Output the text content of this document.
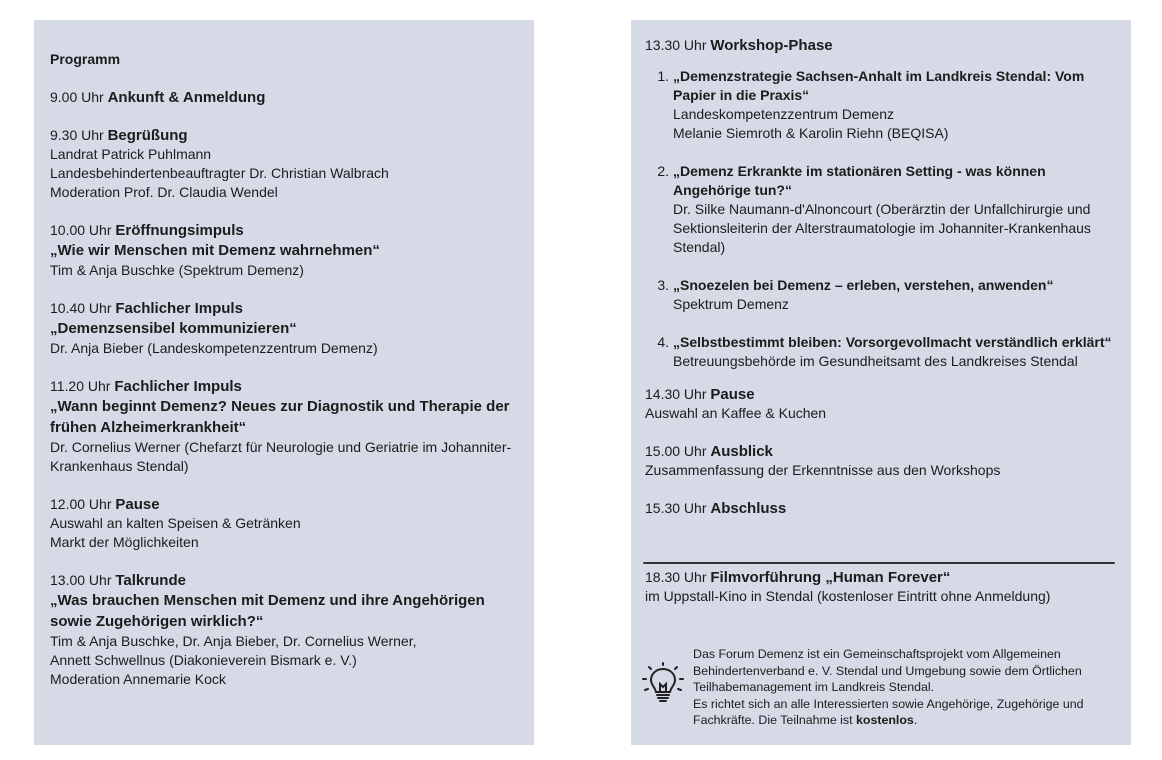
Programm
9.00 Uhr Ankunft & Anmeldung
9.30 Uhr Begrüßung
Landrat Patrick Puhlmann
Landesbehindertenbeauftragter Dr. Christian Walbrach
Moderation Prof. Dr. Claudia Wendel
10.00 Uhr Eröffnungsimpuls
„Wie wir Menschen mit Demenz wahrnehmen“
Tim & Anja Buschke (Spektrum Demenz)
10.40 Uhr Fachlicher Impuls
„Demenzsensibel kommunizieren“
Dr. Anja Bieber (Landeskompetenzzentrum Demenz)
11.20 Uhr Fachlicher Impuls
„Wann beginnt Demenz? Neues zur Diagnostik und Therapie der frühen Alzheimerkrankheit“
Dr. Cornelius Werner (Chefarzt für Neurologie und Geriatrie im Johanniter-Krankenhaus Stendal)
12.00 Uhr Pause
Auswahl an kalten Speisen & Getränken
Markt der Möglichkeiten
13.00 Uhr Talkrunde
„Was brauchen Menschen mit Demenz und ihre Angehörigen sowie Zugehörigen wirklich?“
Tim & Anja Buschke, Dr. Anja Bieber, Dr. Cornelius Werner,
Annett Schwellnus (Diakonieverein Bismark e. V.)
Moderation Annemarie Kock
13.30 Uhr Workshop-Phase
1. „Demenzstrategie Sachsen-Anhalt im Landkreis Stendal: Vom Papier in die Praxis“
Landeskompetenzzentrum Demenz
Melanie Siemroth & Karolin Riehn (BEQISA)
2. „Demenz Erkrankte im stationären Setting - was können Angehörige tun?“
Dr. Silke Naumann-d'Alnoncourt (Oberärztin der Unfallchirurgie und Sektionsleiterin der Alterstraumatologie im Johanniter-Krankenhaus Stendal)
3. „Snoezelen bei Demenz – erleben, verstehen, anwenden“
Spektrum Demenz
4. „Selbstbestimmt bleiben: Vorsorgevollmacht verständlich erklärt“
Betreuungsbehörde im Gesundheitsamt des Landkreises Stendal
14.30 Uhr Pause
Auswahl an Kaffee & Kuchen
15.00 Uhr Ausblick
Zusammenfassung der Erkenntnisse aus den Workshops
15.30 Uhr Abschluss
18.30 Uhr Filmvorführung „Human Forever“
im Uppstall-Kino in Stendal (kostenloser Eintritt ohne Anmeldung)
Das Forum Demenz ist ein Gemeinschaftsprojekt vom Allgemeinen
Behindertenverband e. V. Stendal und Umgebung sowie dem Örtlichen
Teilhabemanagement im Landkreis Stendal.
Es richtet sich an alle Interessierten sowie Angehörige, Zugehörige und
Fachkräfte. Die Teilnahme ist kostenlos.
